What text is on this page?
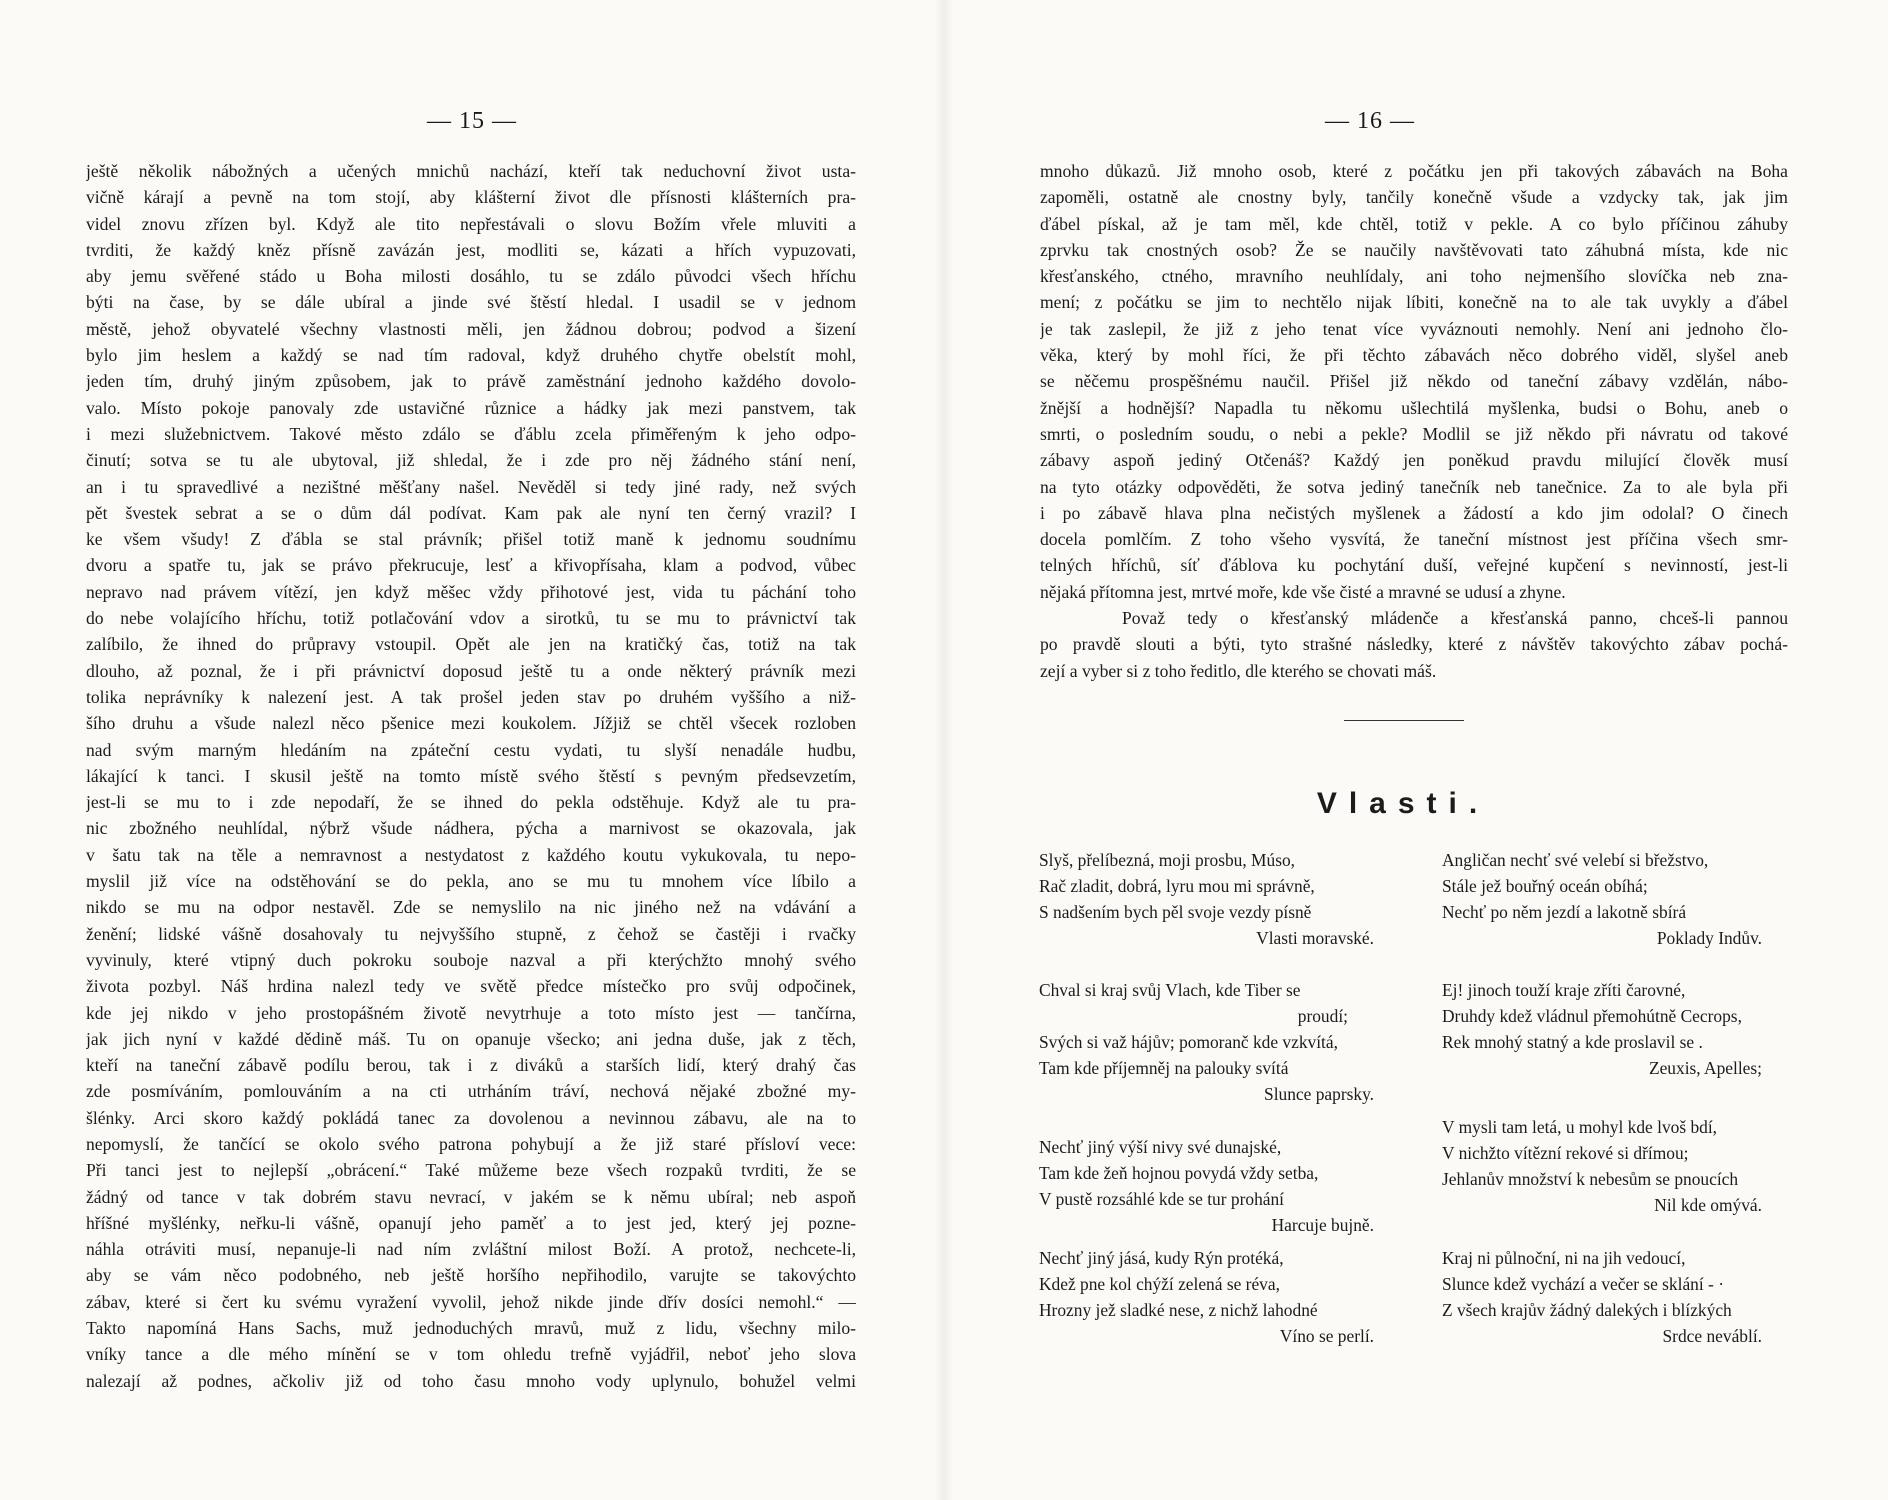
— 15 —
ještě několik nábožných a učených mnichů nachází, kteří tak neduchovní život usta-
vičně kárají a pevně na tom stojí, aby klášterní život dle přísnosti klášterních pra-
videl znovu zřízen byl. Když ale tito nepřestávali o slovu Božím vřele mluviti a
tvrditi, že každý kněz přísně zavázán jest, modliti se, kázati a hřích vypuzovati,
aby jemu svěřené stádo u Boha milosti dosáhlo, tu se zdálo původci všech hříchu
býti na čase, by se dále ubíral a jinde své štěstí hledal. I usadil se v jednom
městě, jehož obyvatelé všechny vlastnosti měli, jen žádnou dobrou; podvod a šizení
bylo jim heslem a každý se nad tím radoval, když druhého chytře obelstít mohl,
jeden tím, druhý jiným způsobem, jak to právě zaměstnání jednoho každého dovolo-
valo. Místo pokoje panovaly zde ustavičné různice a hádky jak mezi panstvem, tak
i mezi služebnictvem. Takové město zdálo se ďáblu zcela přiměřeným k jeho odpo-
činutí; sotva se tu ale ubytoval, již shledal, že i zde pro něj žádného stání není,
an i tu spravedlivé a nezištné měšťany našel. Nevěděl si tedy jiné rady, než svých
pět švestek sebrat a se o dům dál podívat. Kam pak ale nyní ten černý vrazil? I
ke všem všudy! Z ďábla se stal právník; přišel totiž maně k jednomu soudnímu
dvoru a spatře tu, jak se právo překrucuje, lesť a křivopřísaha, klam a podvod, vůbec
nepravo nad právem vítězí, jen když měšec vždy přihotové jest, vida tu páchání toho
do nebe volajícího hříchu, totiž potlačování vdov a sirotků, tu se mu to právnictví tak
zalíbilo, že ihned do průpravy vstoupil. Opět ale jen na kratičký čas, totiž na tak
dlouho, až poznal, že i při právnictví doposud ještě tu a onde některý právník mezi
tolika neprávníky k nalezení jest. A tak prošel jeden stav po druhém vyššího a niž-
šího druhu a všude nalezl něco pšenice mezi koukolem. Jížjiž se chtěl všecek rozloben
nad svým marným hledáním na zpáteční cestu vydati, tu slyší nenadále hudbu,
lákající k tanci. I skusil ještě na tomto místě svého štěstí s pevným předsevzetím,
jest-li se mu to i zde nepodaří, že se ihned do pekla odstěhuje. Když ale tu pra-
nic zbožného neuhlídal, nýbrž všude nádhera, pýcha a marnivost se okazovala, jak
v šatu tak na těle a nemravnost a nestydatost z každého koutu vykukovala, tu nepo-
myslil již více na odstěhování se do pekla, ano se mu tu mnohem více líbilo a
nikdo se mu na odpor nestavěl. Zde se nemyslilo na nic jiného než na vdávání a
ženění; lidské vášně dosahovaly tu nejvyššího stupně, z čehož se častěji i rvačky
vyvinuly, které vtipný duch pokroku souboje nazval a při kterýchžto mnohý svého
života pozbyl. Náš hrdina nalezl tedy ve světě předce místečko pro svůj odpočinek,
kde jej nikdo v jeho prostopášném životě nevytrhuje a toto místo jest — tančírna,
jak jich nyní v každé dědině máš. Tu on opanuje všecko; ani jedna duše, jak z těch,
kteří na taneční zábavě podílu berou, tak i z diváků a starších lidí, který drahý čas
zde posmíváním, pomlouváním a na cti utrháním tráví, nechová nějaké zbožné my-
šlénky. Arci skoro každý pokládá tanec za dovolenou a nevinnou zábavu, ale na to
nepomyslí, že tančící se okolo svého patrona pohybují a že již staré přísloví vece:
Při tanci jest to nejlepší „obrácení.“ Také můžeme beze všech rozpaků tvrditi, že se
žádný od tance v tak dobrém stavu nevrací, v jakém se k němu ubíral; neb aspoň
hříšné myšlénky, neřku-li vášně, opanují jeho paměť a to jest jed, který jej pozne-
náhla otráviti musí, nepanuje-li nad ním zvláštní milost Boží. A protož, nechcete-li,
aby se vám něco podobného, neb ještě horšího nepřihodilo, varujte se takovýchto
zábav, které si čert ku svému vyražení vyvolil, jehož nikde jinde dřív dosíci nemohl.“ —
Takto napomíná Hans Sachs, muž jednoduchých mravů, muž z lidu, všechny milo-
vníky tance a dle mého mínění se v tom ohledu trefně vyjádřil, neboť jeho slova
nalezají až podnes, ačkoliv již od toho času mnoho vody uplynulo, bohužel velmi
— 16 —
mnoho důkazů. Již mnoho osob, které z počátku jen při takových zábavách na Boha
zapoměli, ostatně ale cnostny byly, tančily konečně všude a vzdycky tak, jak jim
ďábel pískal, až je tam měl, kde chtěl, totiž v pekle. A co bylo příčinou záhuby
zprvku tak cnostných osob? Že se naučily navštěvovati tato záhubná místa, kde nic
křesťanského, ctného, mravního neuhlídaly, ani toho nejmenšího slovíčka neb zna-
mení; z počátku se jim to nechtělo nijak líbiti, konečně na to ale tak uvykly a ďábel
je tak zaslepil, že již z jeho tenat více vyváznouti nemohly. Není ani jednoho člo-
věka, který by mohl říci, že při těchto zábavách něco dobrého viděl, slyšel aneb
se něčemu prospěšnému naučil. Přišel již někdo od taneční zábavy vzdělán, nábo-
žnější a hodnější? Napadla tu někomu ušlechtilá myšlenka, budsi o Bohu, aneb o
smrti, o posledním soudu, o nebi a pekle? Modlil se již někdo při návratu od takové
zábavy aspoň jediný Otčenáš? Každý jen poněkud pravdu milující člověk musí
na tyto otázky odpověděti, že sotva jediný tanečník neb tanečnice. Za to ale byla při
i po zábavě hlava plna nečistých myšlenek a žádostí a kdo jim odolal? O činech
docela pomlčím. Z toho všeho vysvítá, že taneční místnost jest příčina všech smr-
telných hříchů, síť ďáblova ku pochytání duší, veřejné kupčení s nevinností, jest-li
nějaká přítomna jest, mrtvé moře, kde vše čisté a mravné se udusí a zhyne.
Považ tedy o křesťanský mládenče a křesťanská panno, chceš-li pannou
po pravdě slouti a býti, tyto strašné následky, které z návštěv takovýchto zábav pochá-
zejí a vyber si z toho ředitlo, dle kterého se chovati máš.
Vlasti.
Slyš, přelíbezná, moji prosbu, Múso,
Rač zladit, dobrá, lyru mou mi správně,
S nadšením bych pěl svoje vezdy písně
Vlasti moravské.
Chval si kraj svůj Vlach, kde Tiber se
proudí;
Svých si važ hájův; pomoranč kde vzkvítá,
Tam kde příjemněj na palouky svítá
Slunce paprsky.
Nechť jiný výší nivy své dunajské,
Tam kde žeň hojnou povydá vždy setba,
V pustě rozsáhlé kde se tur prohání
Harcuje bujně.
Nechť jiný jásá, kudy Rýn protéká,
Kdež pne kol chýží zelená se réva,
Hrozny jež sladké nese, z nichž lahodné
Víno se perlí.
Angličan nechť své velebí si břežstvo,
Stále jež bouřný oceán obíhá;
Nechť po něm jezdí a lakotně sbírá
Poklady Indův.
Ej! jinoch touží kraje zříti čarovné,
Druhdy kdež vládnul přemohútně Cecrops,
Rek mnohý statný a kde proslavil se .
Zeuxis, Apelles;
V mysli tam letá, u mohyl kde lvoš bdí,
V nichžto vítězní rekové si dřímou;
Jehlanův množství k nebesům se pnoucích
Nil kde omývá.
Kraj ni půlnoční, ni na jih vedoucí,
Slunce kdež vychází a večer se sklání - ·
Z všech krajův žádný dalekých i blízkých
Srdce neváblí.
